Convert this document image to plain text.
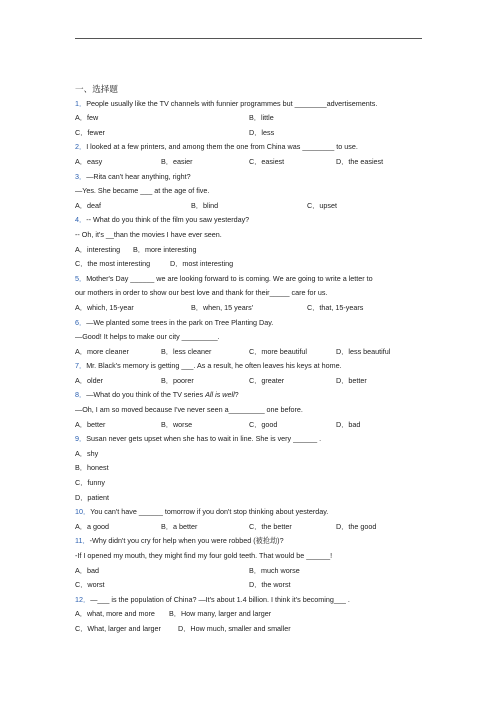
一、选择题
1．People usually like the TV channels with funnier programmes but ________advertisements.
A．few	B．little
C．fewer	D．less
2．I looked at a few printers, and among them the one from China was ________ to use.
A．easy	B．easier	C．easiest	D．the easiest
3．—Rita can't hear anything, right?
—Yes. She became ___ at the age of five.
A．deaf	B．blind	C．upset
4．-- What do you think of the film you saw yesterday?
-- Oh, it's __than the movies I have ever seen.
A．interesting B．more interesting
C．the most interesting	D．most interesting
5．Mother's Day ______ we are looking forward to is coming. We are going to write a letter to
our mothers in order to show our best love and thank for their_____ care for us.
A．which, 15-year	B．when, 15 years'	C．that, 15-years
6．—We planted some trees in the park on Tree Planting Day.
—Good! It helps to make our city _________.
A．more cleaner	B．less cleaner	C．more beautiful	D．less beautiful
7．Mr. Black's memory is getting ___. As a result, he often leaves his keys at home.
A．older	B．poorer	C．greater	D．better
8．—What do you think of the TV series All is well?
—Oh, I am so moved because I've never seen a_________ one before.
A．better	B．worse	C．good	D．bad
9．Susan never gets upset when she has to wait in line. She is very ______ .
A．shy
B．honest
C．funny
D．patient
10．You can't have ______ tomorrow if you don't stop thinking about yesterday.
A．a good	B．a better	C．the better	D．the good
11．-Why didn't you cry for help when you were robbed (被抢劫)?
-If I opened my mouth, they might find my four gold teeth. That would be ______!
A．bad	B．much worse
C．worst	D．the worst
12．—___ is the population of China? —It's about 1.4 billion. I think it's becoming___ .
A．what, more and more B．How many, larger and larger
C．What, larger and larger D．How much, smaller and smaller
